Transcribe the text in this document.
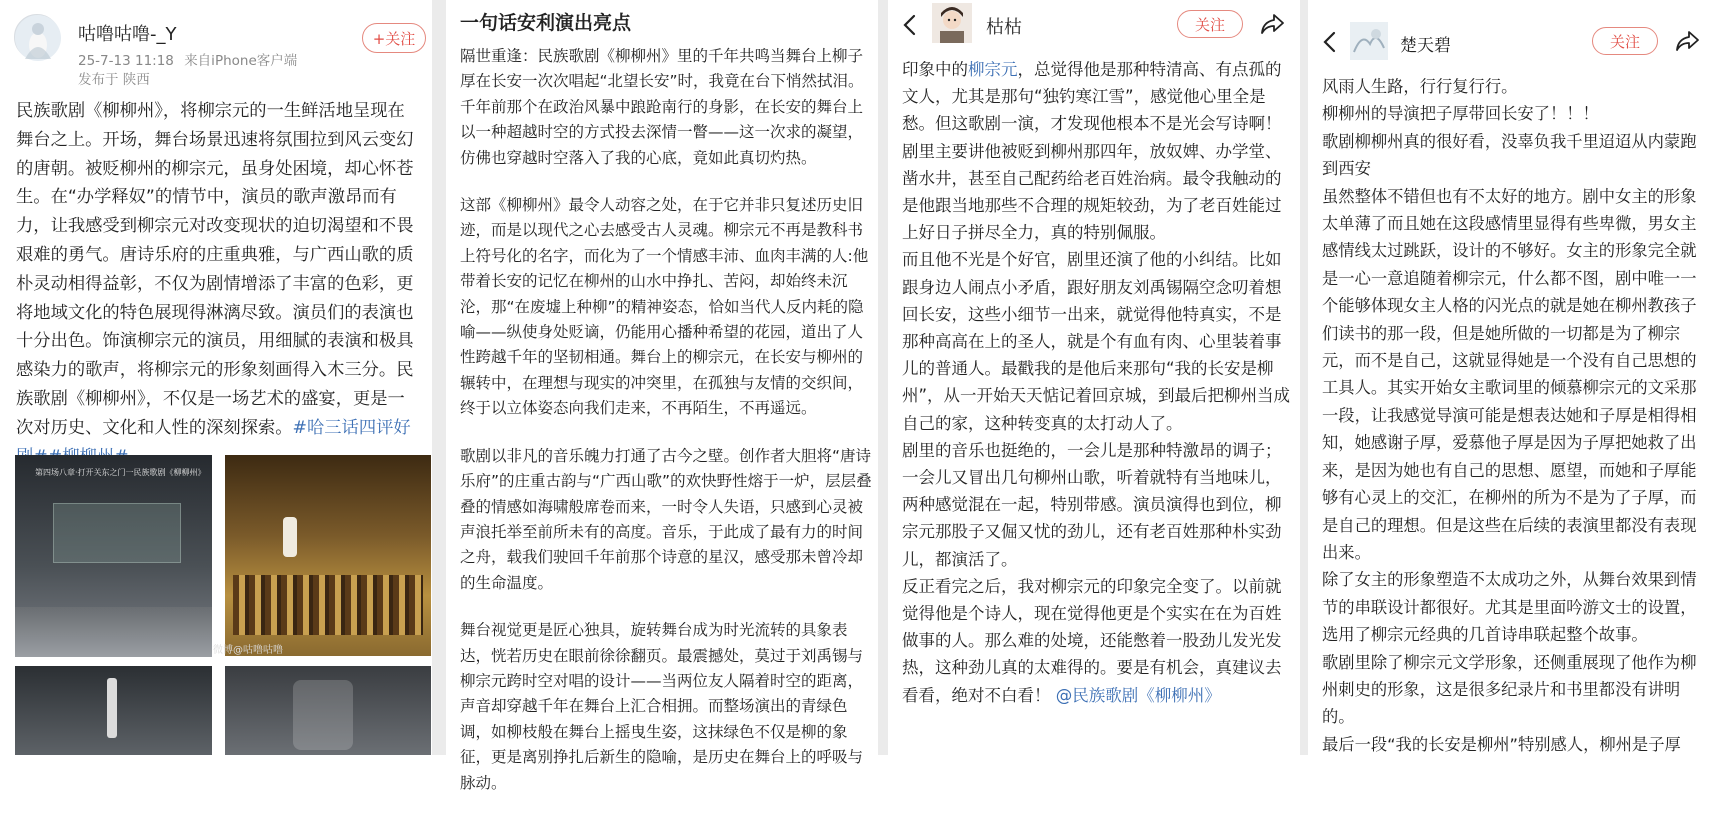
咕噜咕噜-_Y
25-7-13 11:18 来自iPhone客户端
发布于 陕西
+关注
民族歌剧《柳柳州》，将柳宗元的一生鲜活地呈现在舞台之上。开场，舞台场景迅速将氛围拉到风云变幻的唐朝。被贬柳州的柳宗元，虽身处困境，却心怀苍生。在“办学释奴”的情节中，演员的歌声激昂而有力，让我感受到柳宗元对改变现状的迫切渴望和不畏艰难的勇气。唐诗乐府的庄重典雅，与广西山歌的质朴灵动相得益彰，不仅为剧情增添了丰富的色彩，更将地域文化的特色展现得淋漓尽致。演员们的表演也十分出色。饰演柳宗元的演员，用细腻的表演和极具感染力的歌声，将柳宗元的形象刻画得入木三分。民族歌剧《柳柳州》，不仅是一场艺术的盛宴，更是一次对历史、文化和人性的深刻探索。#哈三话四评好
第四场八章·打开关东之门一民族歌剧《柳柳州》
微博@咕噜咕噜
一句话安利演出亮点
隔世重逢：民族歌剧《柳柳州》里的千年共鸣当舞台上柳子厚在长安一次次唱起“北望长安”时，我竟在台下悄然拭泪。千年前那个在政治风暴中踉跄南行的身影，在长安的舞台上以一种超越时空的方式投去深情一瞥——这一次求的凝望，仿佛也穿越时空落入了我的心底，竟如此真切灼热。
这部《柳柳州》最令人动容之处，在于它并非只复述历史旧迹，而是以现代之心去感受古人灵魂。柳宗元不再是教科书上符号化的名字，而化为了一个情感丰沛、血肉丰满的人:他带着长安的记忆在柳州的山水中挣扎、苦闷，却始终未沉沦，那“在废墟上种柳”的精神姿态，恰如当代人反内耗的隐喻——纵使身处贬谪，仍能用心播种希望的花园，道出了人性跨越千年的坚韧相通。舞台上的柳宗元，在长安与柳州的辗转中，在理想与现实的冲突里，在孤独与友情的交织间，终于以立体姿态向我们走来，不再陌生，不再遥远。
歌剧以非凡的音乐魄力打通了古今之壁。创作者大胆将“唐诗乐府”的庄重古韵与“广西山歌”的欢快野性熔于一炉，层层叠叠的情感如海啸般席卷而来，一时令人失语，只感到心灵被声浪托举至前所未有的高度。音乐，于此成了最有力的时间之舟，载我们驶回千年前那个诗意的星汉，感受那未曾冷却的生命温度。
舞台视觉更是匠心独具，旋转舞台成为时光流转的具象表达，恍若历史在眼前徐徐翻页。最震撼处，莫过于刘禹锡与柳宗元跨时空对唱的设计——当两位友人隔着时空的距离，声音却穿越千年在舞台上汇合相拥。而整场演出的青绿色调，如柳枝般在舞台上摇曳生姿，这抹绿色不仅是柳的象征，更是离别挣扎后新生的隐喻，是历史在舞台上的呼吸与脉动。
枯枯	关注
印象中的柳宗元，总觉得他是那种特清高、有点孤的文人，尤其是那句“独钓寒江雪”，感觉他心里全是愁。但这歌剧一演，才发现他根本不是光会写诗啊！
剧里主要讲他被贬到柳州那四年，放奴婢、办学堂、凿水井，甚至自己配药给老百姓治病。最令我触动的是他跟当地那些不合理的规矩较劲，为了老百姓能过上好日子拼尽全力，真的特别佩服。
而且他不光是个好官，剧里还演了他的小纠结。比如跟身边人闹点小矛盾，跟好朋友刘禹锡隔空念叨着想回长安，这些小细节一出来，就觉得他特真实，不是那种高高在上的圣人，就是个有血有肉、心里装着事儿的普通人。最戳我的是他后来那句“我的长安是柳州”，从一开始天天惦记着回京城，到最后把柳州当成自己的家，这种转变真的太打动人了。
剧里的音乐也挺绝的，一会儿是那种特激昂的调子；一会儿又冒出几句柳州山歌，听着就特有当地味儿，两种感觉混在一起，特别带感。演员演得也到位，柳宗元那股子又倔又忧的劲儿，还有老百姓那种朴实劲儿，都演活了。
反正看完之后，我对柳宗元的印象完全变了。以前就觉得他是个诗人，现在觉得他更是个实实在在为百姓做事的人。那么难的处境，还能憋着一股劲儿发光发热，这种劲儿真的太难得的。要是有机会，真建议去看看，绝对不白看！ @民族歌剧《柳柳州》
楚天碧	关注
风雨人生路，行行复行行。
柳柳州的导演把子厚带回长安了！！！
歌剧柳柳州真的很好看，没辜负我千里迢迢从内蒙跑到西安
虽然整体不错但也有不太好的地方。剧中女主的形象太单薄了而且她在这段感情里显得有些卑微，男女主感情线太过跳跃，设计的不够好。女主的形象完全就是一心一意追随着柳宗元，什么都不图，剧中唯一一个能够体现女主人格的闪光点的就是她在柳州教孩子们读书的那一段，但是她所做的一切都是为了柳宗元，而不是自己，这就显得她是一个没有自己思想的工具人。其实开始女主歌词里的倾慕柳宗元的文采那一段，让我感觉导演可能是想表达她和子厚是相得相知，她感谢子厚，爱慕他子厚是因为子厚把她救了出来，是因为她也有自己的思想、愿望，而她和子厚能够有心灵上的交汇，在柳州的所为不是为了子厚，而是自己的理想。但是这些在后续的表演里都没有表现出来。
除了女主的形象塑造不太成功之外，从舞台效果到情节的串联设计都很好。尤其是里面吟游文士的设置，选用了柳宗元经典的几首诗串联起整个故事。
歌剧里除了柳宗元文学形象，还侧重展现了他作为柳州刺史的形象，这是很多纪录片和书里都没有讲明的。
最后一段“我的长安是柳州”特别感人，柳州是子厚
